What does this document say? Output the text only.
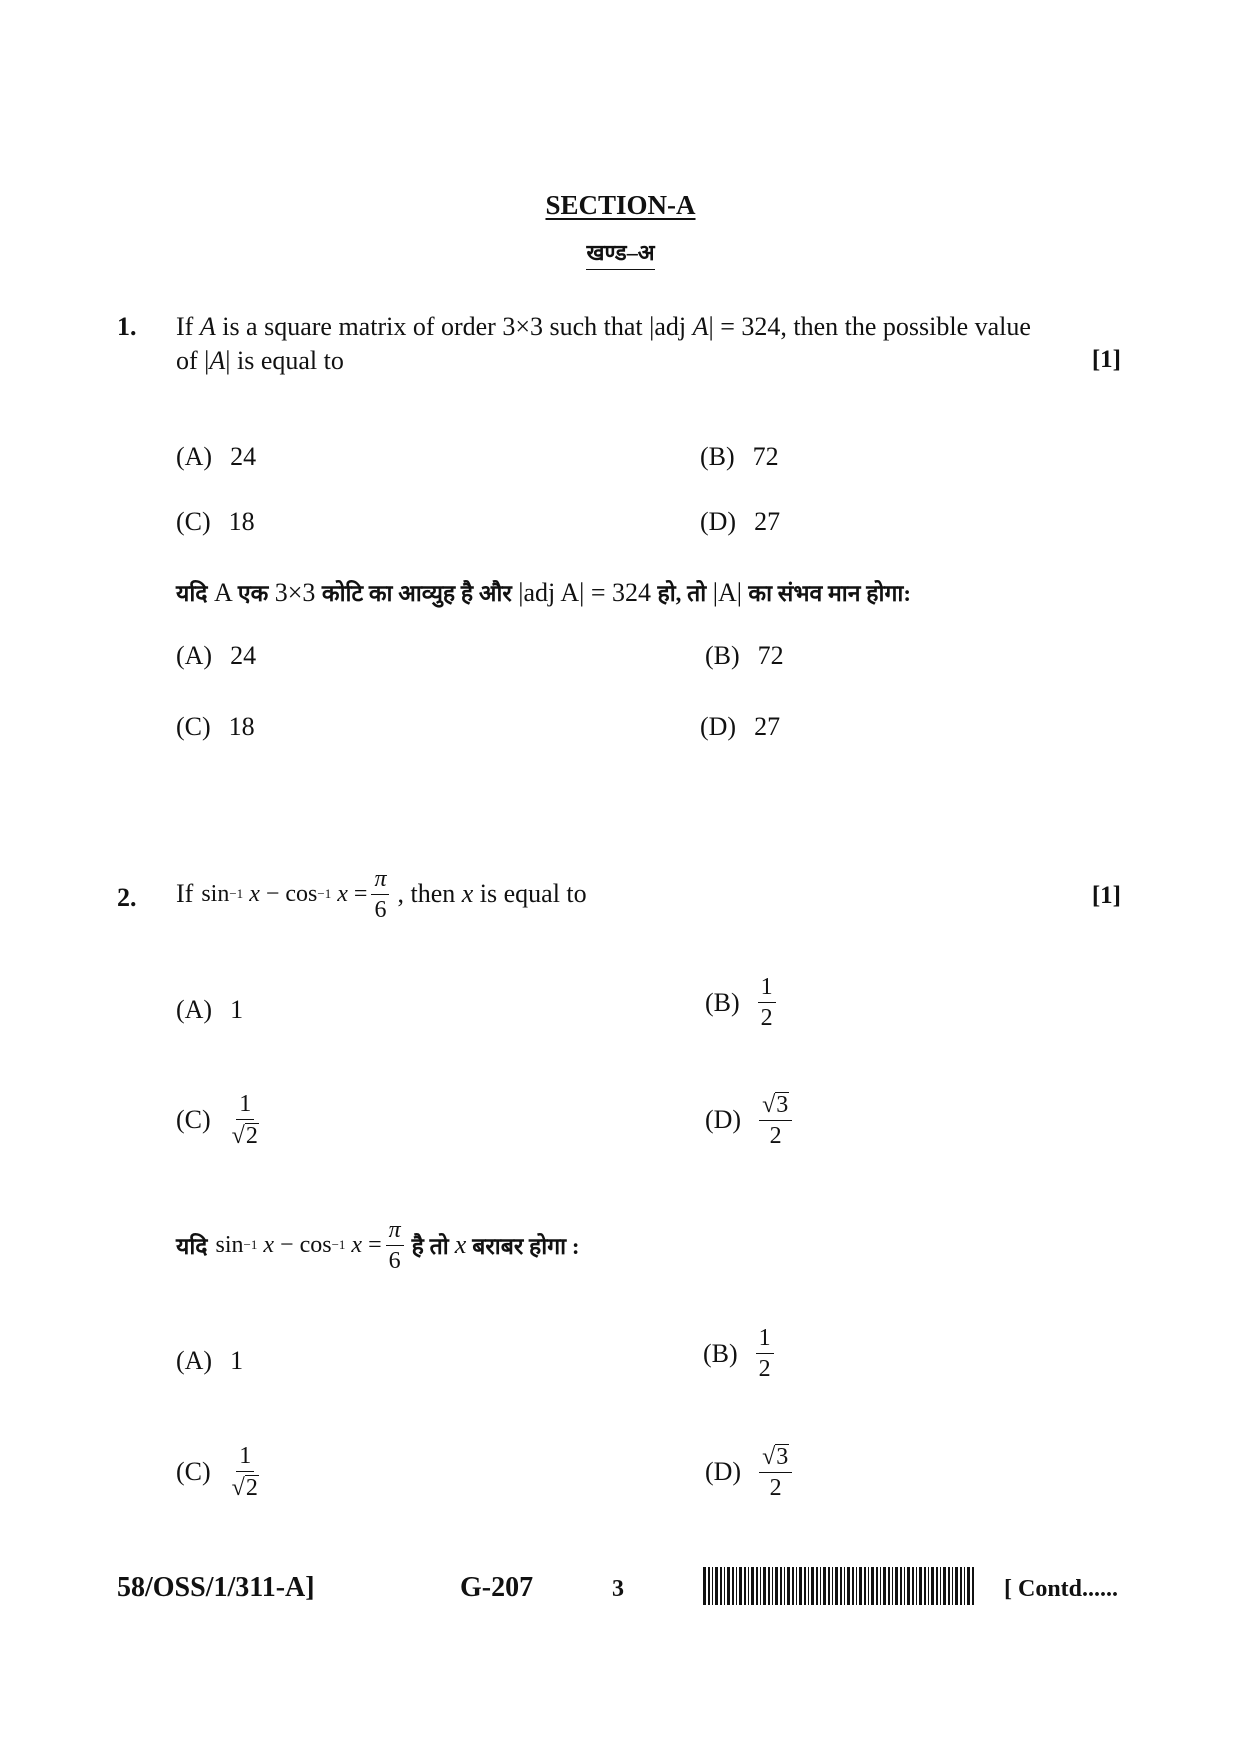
SECTION-A
खण्ड–अ
1. If A is a square matrix of order 3×3 such that |adj A| = 324, then the possible value
of |A| is equal to	[1]
(A) 24	(B) 72
(C) 18	(D) 27
यदि A एक 3×3 कोटि का आव्युह है और |adj A| = 324 हो, तो |A| का संभव मान होगा:
(A) 24	(B) 72
(C) 18	(D) 27
2. If sin −1
x
−
cos −1
x
= $\frac{\pi}{6}$ , then x is equal to	[1]
(A) 1	$(B) \frac{1}{2}$
$(C) \frac{1}{√ 2}$	$(D) \frac{√ 3}{2}$
यदि sin −1
x
−
cos −1
x
= $\frac{\pi}{6}$ है तो x बराबर होगा :
(A) 1	$(B) \frac{1}{2}$
$(C) \frac{1}{√ 2}$	$(D) \frac{√ 3}{2}$
58/OSS/1/311-A]	G-207	3	[ Contd......
